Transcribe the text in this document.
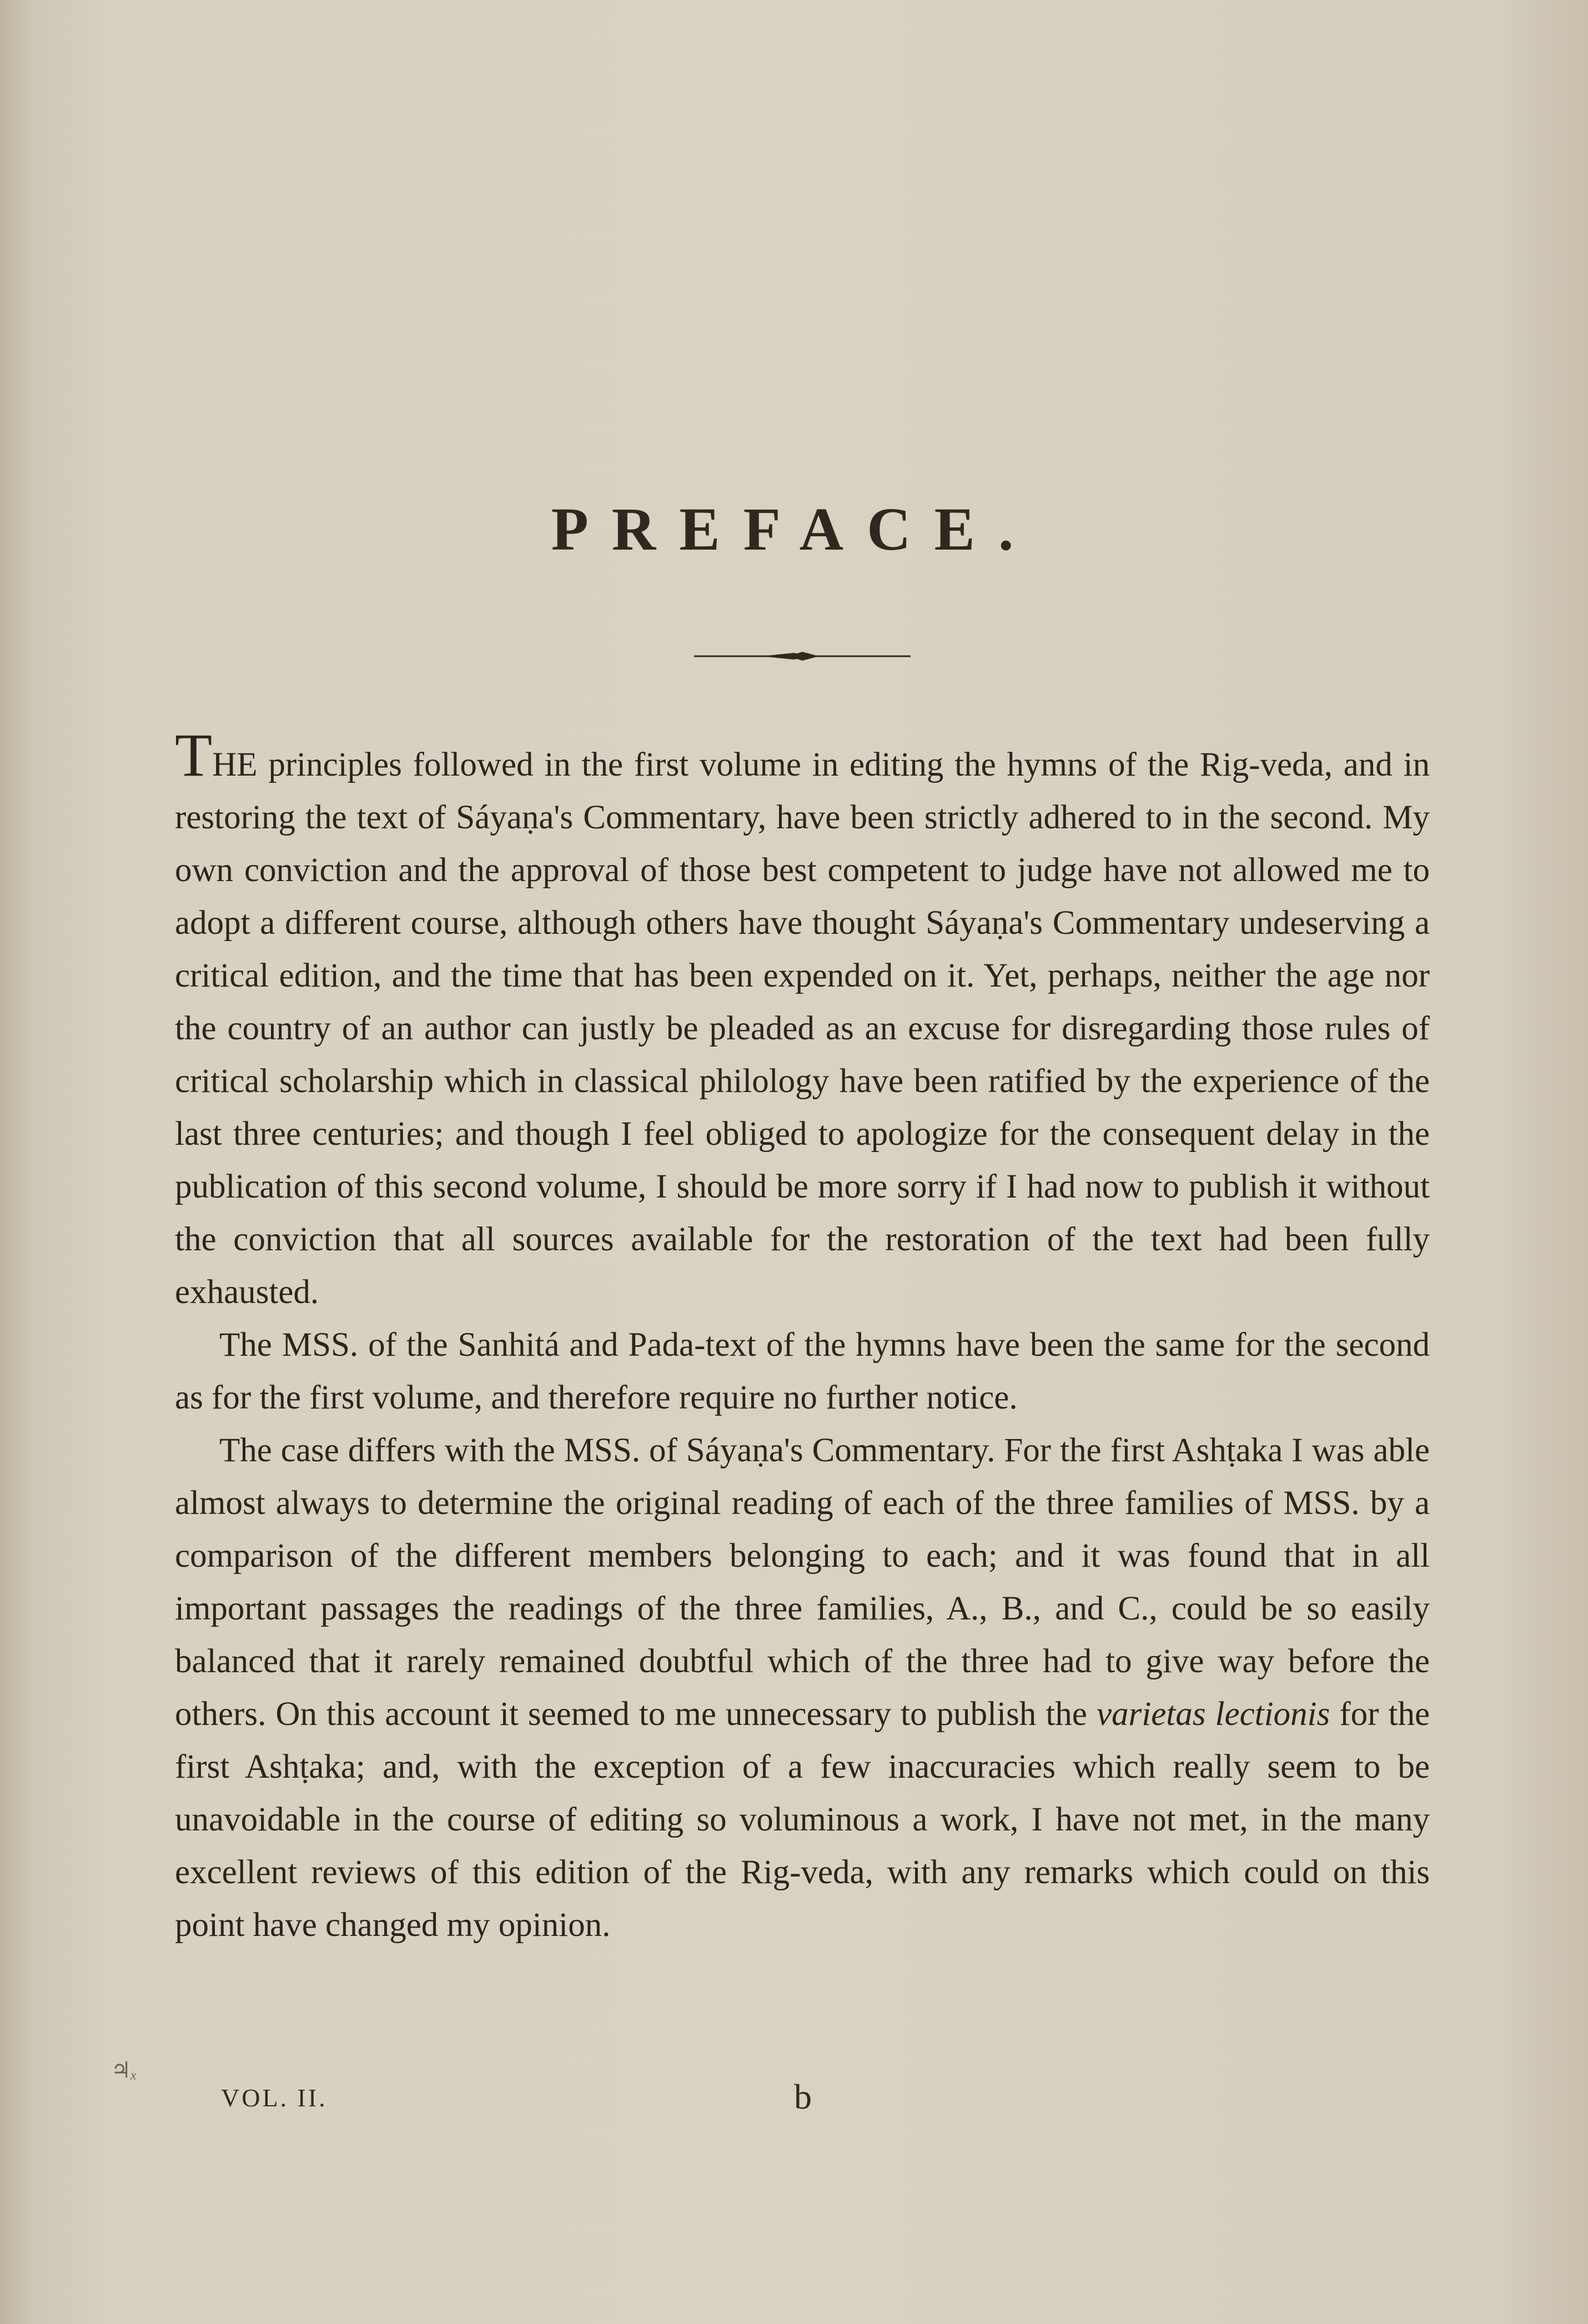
PREFACE.

THE principles followed in the first volume in editing the hymns of the Rig-veda, and in restoring the text of Sáyaṇa's Commentary, have been strictly adhered to in the second. My own conviction and the approval of those best competent to judge have not allowed me to adopt a different course, although others have thought Sáyaṇa's Commentary undeserving a critical edition, and the time that has been expended on it. Yet, perhaps, neither the age nor the country of an author can justly be pleaded as an excuse for disregarding those rules of critical scholarship which in classical philology have been ratified by the experience of the last three centuries; and though I feel obliged to apologize for the consequent delay in the publication of this second volume, I should be more sorry if I had now to publish it without the conviction that all sources available for the restoration of the text had been fully exhausted.

The MSS. of the Sanhitá and Pada-text of the hymns have been the same for the second as for the first volume, and therefore require no further notice.

The case differs with the MSS. of Sáyaṇa's Commentary. For the first Ashṭaka I was able almost always to determine the original reading of each of the three families of MSS. by a comparison of the different members belonging to each; and it was found that in all important passages the readings of the three families, A., B., and C., could be so easily balanced that it rarely remained doubtful which of the three had to give way before the others. On this account it seemed to me unnecessary to publish the varietas lectionis for the first Ashṭaka; and, with the exception of a few inaccuracies which really seem to be unavoidable in the course of editing so voluminous a work, I have not met, in the many excellent reviews of this edition of the Rig-veda, with any remarks which could on this point have changed my opinion.

♃ₓ
VOL. II.	b
